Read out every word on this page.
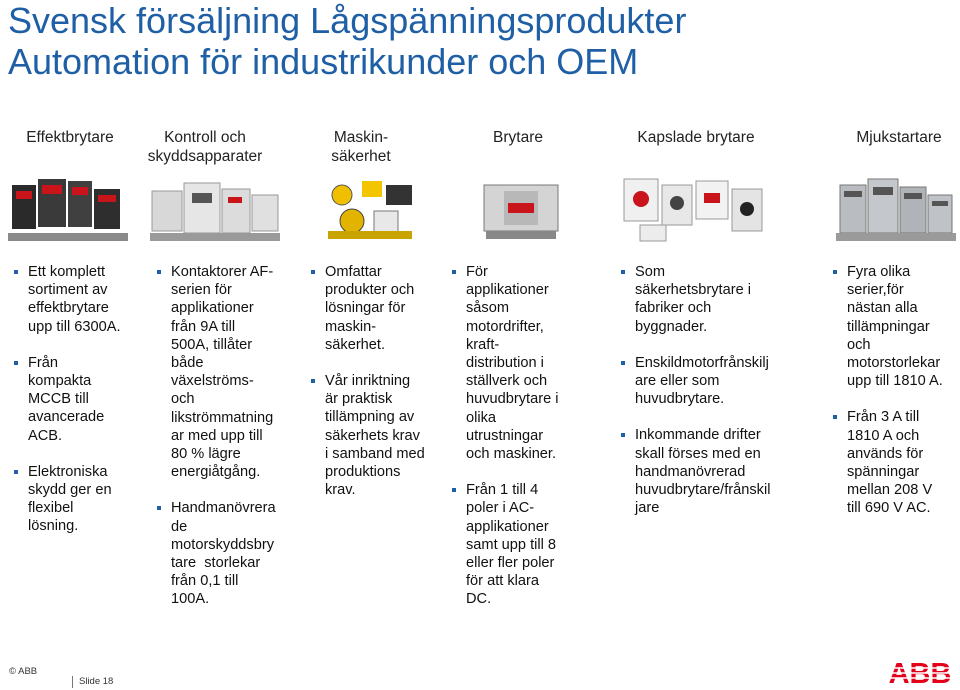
Svensk försäljning Lågspänningsprodukter
Automation för industrikunder och OEM
Effektbrytare	Kontroll och
skyddsapparater
Maskin-
säkerhet
Brytare	Kapslade brytare	Mjukstartare
Ett komplett
sortiment av
effektbrytare
upp till 6300A.
Från
kompakta
MCCB till
avancerade
ACB.
Elektroniska
skydd ger en
flexibel
lösning.
Kontaktorer AF-
serien för
applikationer
från 9A till
500A, tillåter
både
växelströms-
och
likströmmatning
ar med upp till
80 % lägre
energiåtgång.
Handmanövrera
de
motorskyddsbry
tare  storlekar
från 0,1 till
100A.
Omfattar
produkter och
lösningar för
maskin-
säkerhet.
Vår inriktning
är praktisk
tillämpning av
säkerhets krav
i samband med
produktions
krav.
För
applikationer
såsom
motordrifter,
kraft-
distribution i
ställverk och
huvudbrytare i
olika
utrustningar
och maskiner.
Från 1 till 4
poler i AC-
applikationer
samt upp till 8
eller fler poler
för att klara
DC.
Som
säkerhetsbrytare i
fabriker och
byggnader.
Enskildmotorfrånskilj
are eller som
huvudbrytare.
Inkommande drifter
skall förses med en
handmanövrerad
huvudbrytare/frånskil
jare
Fyra olika
serier,för
nästan alla
tillämpningar
och
motorstorlekar
upp till 1810 A.
Från 3 A till
1810 A och
används för
spänningar
mellan 208 V
till 690 V AC.
© ABB
Slide 18	ABB
